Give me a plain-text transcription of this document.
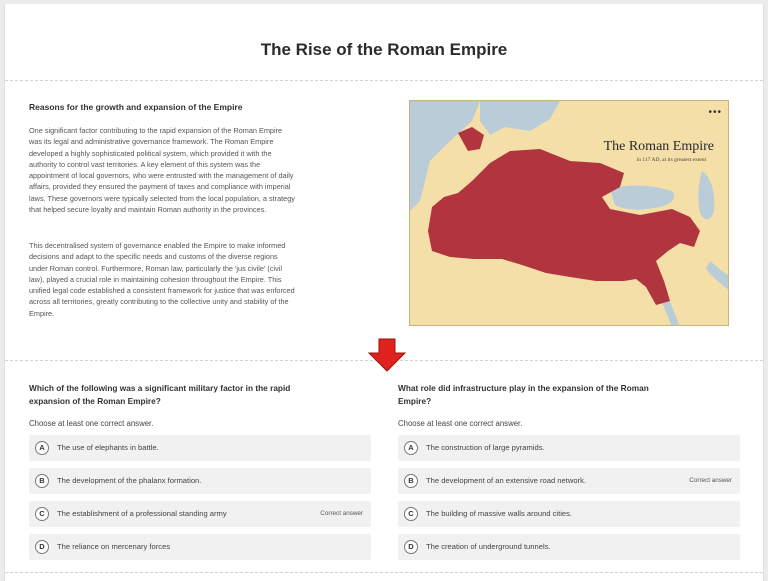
The Rise of the Roman Empire
Reasons for the growth and expansion of the Empire
One significant factor contributing to the rapid expansion of the Roman Empire
was its legal and administrative governance framework. The Roman Empire
developed a highly sophisticated political system, which provided it with the
authority to control vast territories. A key element of this system was the
appointment of local governors, who were entrusted with the management of daily
affairs, provided they ensured the payment of taxes and compliance with imperial
laws. These governors were typically selected from the local population, a strategy
that helped secure loyalty and maintain Roman authority in the provinces.
This decentralised system of governance enabled the Empire to make informed
decisions and adapt to the specific needs and customs of the diverse regions
under Roman control. Furthermore, Roman law, particularly the 'jus civile' (civil
law), played a crucial role in maintaining cohesion throughout the Empire. This
unified legal code established a consistent framework for justice that was enforced
across all territories, greatly contributing to the collective unity and stability of the
Empire.
•••
The Roman Empire
in 117 AD, at its greatest extent
Which of the following was a significant military factor in the rapid
expansion of the Roman Empire?
Choose at least one correct answer.
A	The use of elephants in battle.
B	The development of the phalanx formation.
C	The establishment of a professional standing army	Correct answer
D	The reliance on mercenary forces
What role did infrastructure play in the expansion of the Roman
Empire?
Choose at least one correct answer.
A	The construction of large pyramids.
B	The development of an extensive road network.	Correct answer
C	The building of massive walls around cities.
D	The creation of underground tunnels.
